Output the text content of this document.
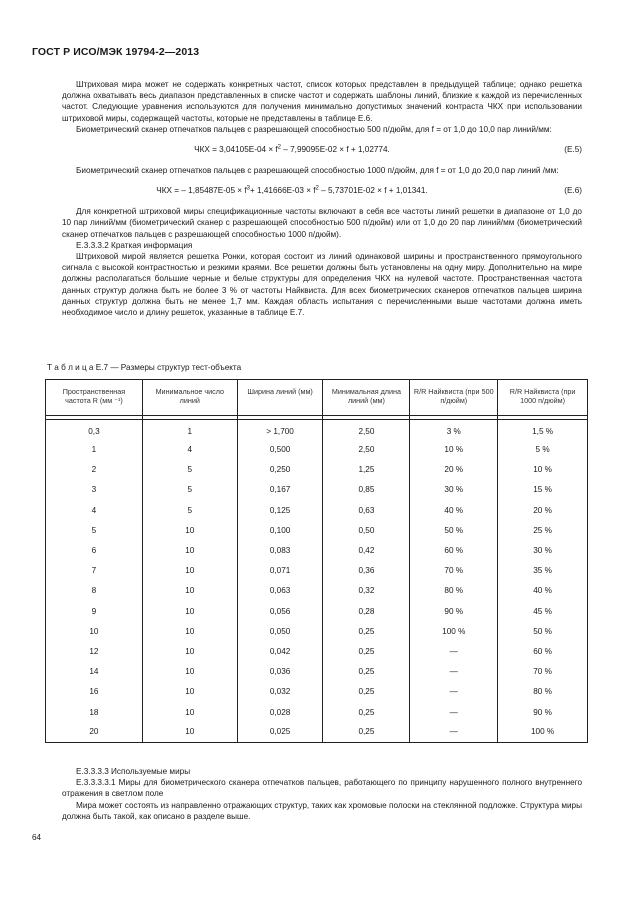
ГОСТ Р ИСО/МЭК 19794-2—2013

Штриховая мира может не содержать конкретных частот, список которых представлен в предыдущей таблице; однако решетка должна охватывать весь диапазон представленных в списке частот и содержать шаблоны линий, близкие к каждой из перечисленных частот. Следующие уравнения используются для получения минимально допустимых значений контраста ЧКХ при использовании штриховой миры, содержащей частоты, которые не представлены в таблице Е.6.

Биометрический сканер отпечатков пальцев с разрешающей способностью 500 п/дюйм, для f = от 1,0 до 10,0 пар линий/мм:

ЧКХ = $3,04105Е-04 \times f^2 - 7,99095Е-02 \times f + 1,02774$.	(Е.5)

Биометрический сканер отпечатков пальцев с разрешающей способностью 1000 п/дюйм, для f = от 1,0 до 20,0 пар линий /мм:

ЧКХ = – $1,85487Е-05 \times f^3+ 1,41666Е-03 \times f^2 - 5,73701Е-02 \times f + 1,01341$.	(Е.6)

Для конкретной штриховой миры спецификационные частоты включают в себя все частоты линий решетки в диапазоне от 1,0 до 10 пар линий/мм (биометрический сканер с разрешающей способностью 500 п/дюйм) или от 1,0 до 20 пар линий/мм (биометрический сканер отпечатков пальцев с разрешающей способностью 1000 п/дюйм).

Е.3.3.3.2 Краткая информация

Штриховой мирой является решетка Ронки, которая состоит из линий одинаковой ширины и пространственного прямоугольного сигнала с высокой контрастностью и резкими краями. Все решетки должны быть установлены на одну миру. Дополнительно на мире должны располагаться большие черные и белые структуры для определения ЧКХ на нулевой частоте. Пространственная частота данных структур должна быть не более 3 % от частоты Найквиста. Для всех биометрических сканеров отпечатков пальцев ширина данных структур должна быть не менее 1,7 мм. Каждая область испытания с перечисленными выше частотами должна иметь необходимое число и длину решеток, указанные в таблице Е.7.

Т а б л и ц а Е.7 — Размеры структур тест-объекта
Пространственная частота R (мм ⁻¹)	Минимальное число линий	Ширина линий (мм)	Минимальная длина линий (мм)	R/R Найквиста (при 500 п/дюйм)	R/R Найквиста (при 1000 п/дюйм)

0,3	1	> 1,700	2,50	3 %	1,5 %
1	4	0,500	2,50	10 %	5 %
2	5	0,250	1,25	20 %	10 %
3	5	0,167	0,85	30 %	15 %
4	5	0,125	0,63	40 %	20 %
5	10	0,100	0,50	50 %	25 %
6	10	0,083	0,42	60 %	30 %
7	10	0,071	0,36	70 %	35 %
8	10	0,063	0,32	80 %	40 %
9	10	0,056	0,28	90 %	45 %
10	10	0,050	0,25	100 %	50 %
12	10	0,042	0,25	—	60 %
14	10	0,036	0,25	—	70 %
16	10	0,032	0,25	—	80 %
18	10	0,028	0,25	—	90 %
20	10	0,025	0,25	—	100 %

Е.3.3.3.3 Используемые миры

Е.3.3.3.3.1 Миры для биометрического сканера отпечатков пальцев, работающего по принципу нарушенного полного внутреннего отражения в светлом поле

Мира может состоять из направленно отражающих структур, таких как хромовые полоски на стеклянной подложке. Структура миры должна быть такой, как описано в разделе выше.

64
